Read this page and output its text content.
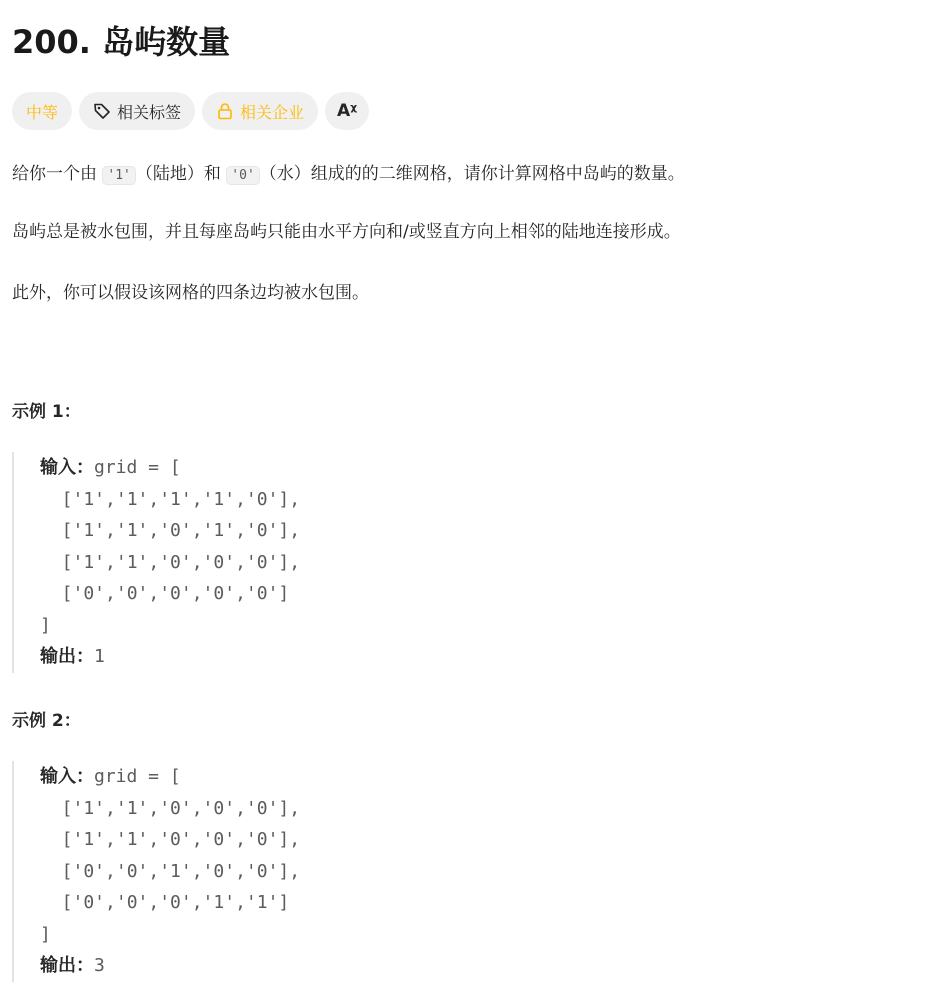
200. 岛屿数量
中等	相关标签	相关企业 Aᵡ

给你一个由 '1' （陆地）和 '0' （水）组成的的二维网格，请你计算网格中岛屿的数量。

岛屿总是被水包围，并且每座岛屿只能由水平方向和/或竖直方向上相邻的陆地连接形成。

此外，你可以假设该网格的四条边均被水包围。

示例 1：

输入：grid = [
['1','1','1','1','0'],
['1','1','0','1','0'],
['1','1','0','0','0'],
['0','0','0','0','0']
]
输出：1

示例 2：

输入：grid = [
['1','1','0','0','0'],
['1','1','0','0','0'],
['0','0','1','0','0'],
['0','0','0','1','1']
]
输出：3
